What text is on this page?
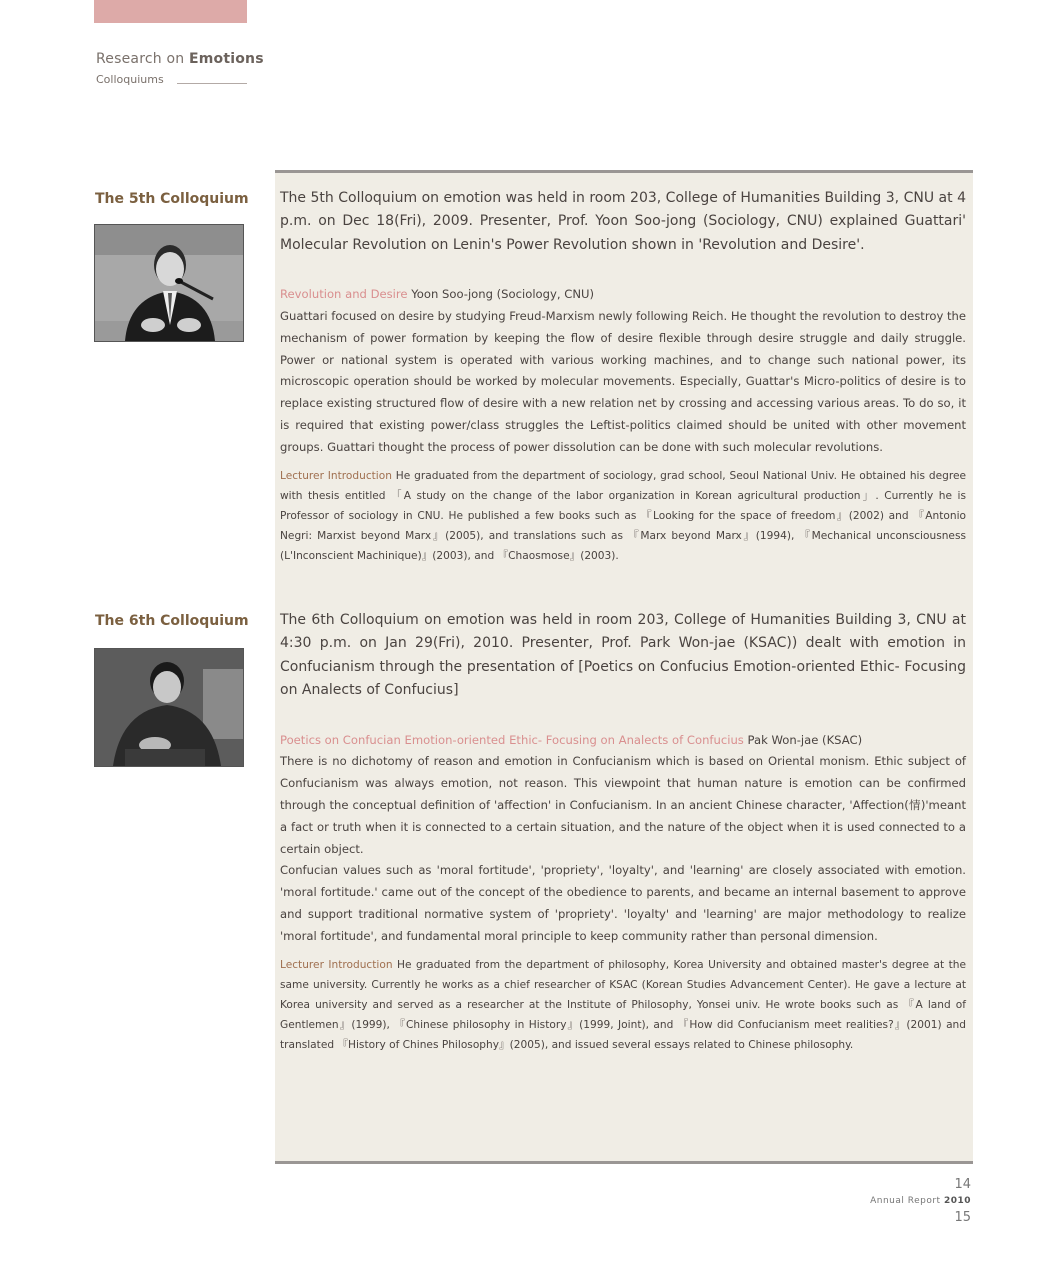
Research on Emotions
Colloquiums
The 5th Colloquium The 5th Colloquium on emotion was held in room 203, College of Humanities Building 3, CNU at 4 p.m. on Dec 18(Fri), 2009. Presenter, Prof. Yoon Soo-jong (Sociology, CNU) explained Guattari' Molecular Revolution on Lenin's Power Revolution shown in 'Revolution and Desire'.

Revolution and Desire Yoon Soo-jong (Sociology, CNU)

Guattari focused on desire by studying Freud-Marxism newly following Reich. He thought the revolution to destroy the mechanism of power formation by keeping the flow of desire flexible through desire struggle and daily struggle. Power or national system is operated with various working machines, and to change such national power, its microscopic operation should be worked by molecular movements. Especially, Guattar's Micro-politics of desire is to replace existing structured flow of desire with a new relation net by crossing and accessing various areas. To do so, it is required that existing power/class struggles the Leftist-politics claimed should be united with other movement groups. Guattari thought the process of power dissolution can be done with such molecular revolutions.

Lecturer Introduction He graduated from the department of sociology, grad school, Seoul National Univ. He obtained his degree with thesis entitled 「A study on the change of the labor organization in Korean agricultural production」. Currently he is Professor of sociology in CNU. He published a few books such as 『Looking for the space of freedom』(2002) and 『Antonio Negri: Marxist beyond Marx』(2005), and translations such as 『Marx beyond Marx』(1994), 『Mechanical unconsciousness (L'Inconscient Machinique)』(2003), and 『Chaosmose』(2003).

The 6th Colloquium The 6th Colloquium on emotion was held in room 203, College of Humanities Building 3, CNU at 4:30 p.m. on Jan 29(Fri), 2010. Presenter, Prof. Park Won-jae (KSAC)) dealt with emotion in Confucianism through the presentation of [Poetics on Confucius Emotion-oriented Ethic- Focusing on Analects of Confucius]

Poetics on Confucian Emotion-oriented Ethic- Focusing on Analects of Confucius Pak Won-jae (KSAC)

There is no dichotomy of reason and emotion in Confucianism which is based on Oriental monism. Ethic subject of Confucianism was always emotion, not reason. This viewpoint that human nature is emotion can be confirmed through the conceptual definition of 'affection' in Confucianism. In an ancient Chinese character, 'Affection(情)'meant a fact or truth when it is connected to a certain situation, and the nature of the object when it is used connected to a certain object.

Confucian values such as 'moral fortitude', 'propriety', 'loyalty', and 'learning' are closely associated with emotion. 'moral fortitude.' came out of the concept of the obedience to parents, and became an internal basement to approve and support traditional normative system of 'propriety'. 'loyalty' and 'learning' are major methodology to realize 'moral fortitude', and fundamental moral principle to keep community rather than personal dimension.

Lecturer Introduction He graduated from the department of philosophy, Korea University and obtained master's degree at the same university. Currently he works as a chief researcher of KSAC (Korean Studies Advancement Center). He gave a lecture at Korea university and served as a researcher at the Institute of Philosophy, Yonsei univ. He wrote books such as 『A land of Gentlemen』(1999), 『Chinese philosophy in History』(1999, Joint), and 『How did Confucianism meet realities?』(2001) and translated 『History of Chines Philosophy』(2005), and issued several essays related to Chinese philosophy.

14
Annual Report 2010
15
